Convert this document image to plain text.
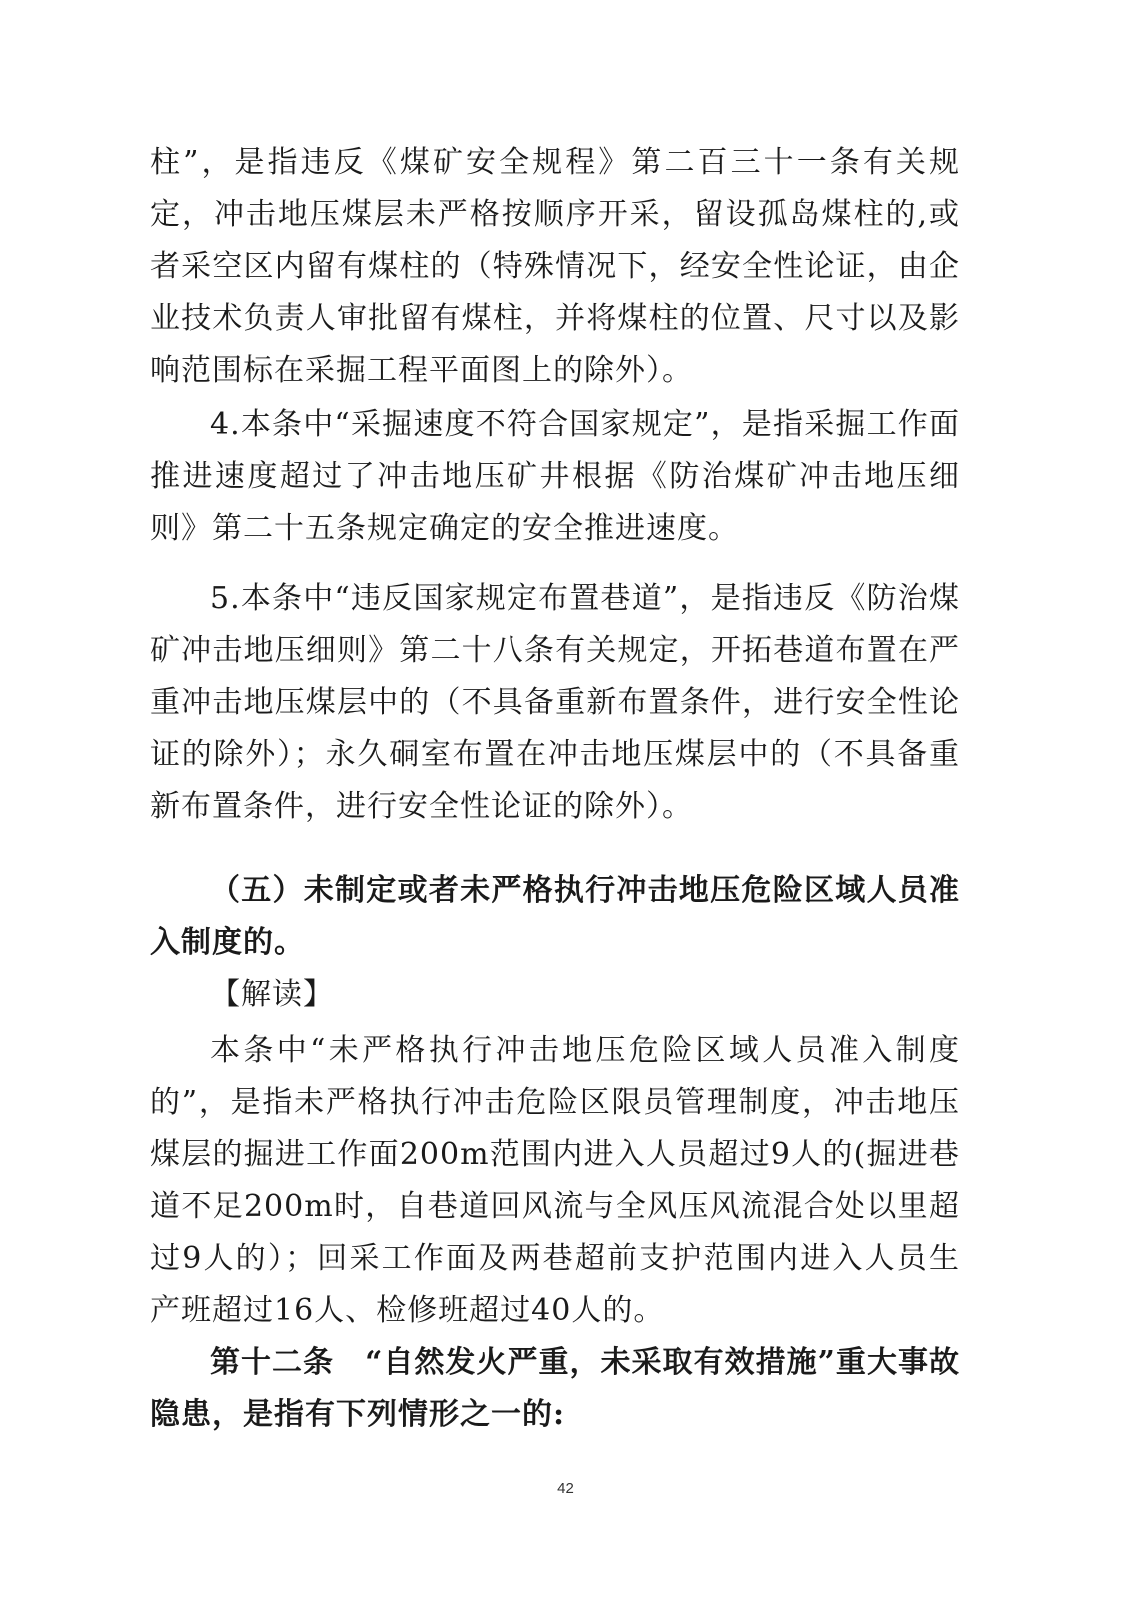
柱”，是指违反《煤矿安全规程》第二百三十一条有关规定，冲击地压煤层未严格按顺序开采，留设孤岛煤柱的,或者采空区内留有煤柱的（特殊情况下，经安全性论证，由企业技术负责人审批留有煤柱，并将煤柱的位置、尺寸以及影响范围标在采掘工程平面图上的除外）。

4.本条中“采掘速度不符合国家规定”，是指采掘工作面推进速度超过了冲击地压矿井根据《防治煤矿冲击地压细则》第二十五条规定确定的安全推进速度。

5.本条中“违反国家规定布置巷道”，是指违反《防治煤矿冲击地压细则》第二十八条有关规定，开拓巷道布置在严重冲击地压煤层中的（不具备重新布置条件，进行安全性论证的除外）；永久硐室布置在冲击地压煤层中的（不具备重新布置条件，进行安全性论证的除外）。

（五）未制定或者未严格执行冲击地压危险区域人员准入制度的。

【解读】

本条中“未严格执行冲击地压危险区域人员准入制度的”，是指未严格执行冲击危险区限员管理制度，冲击地压煤层的掘进工作面200m范围内进入人员超过9人的(掘进巷道不足200m时，自巷道回风流与全风压风流混合处以里超过9人的）；回采工作面及两巷超前支护范围内进入人员生产班超过16人、检修班超过40人的。

第十二条　“自然发火严重，未采取有效措施”重大事故隐患，是指有下列情形之一的:

42
